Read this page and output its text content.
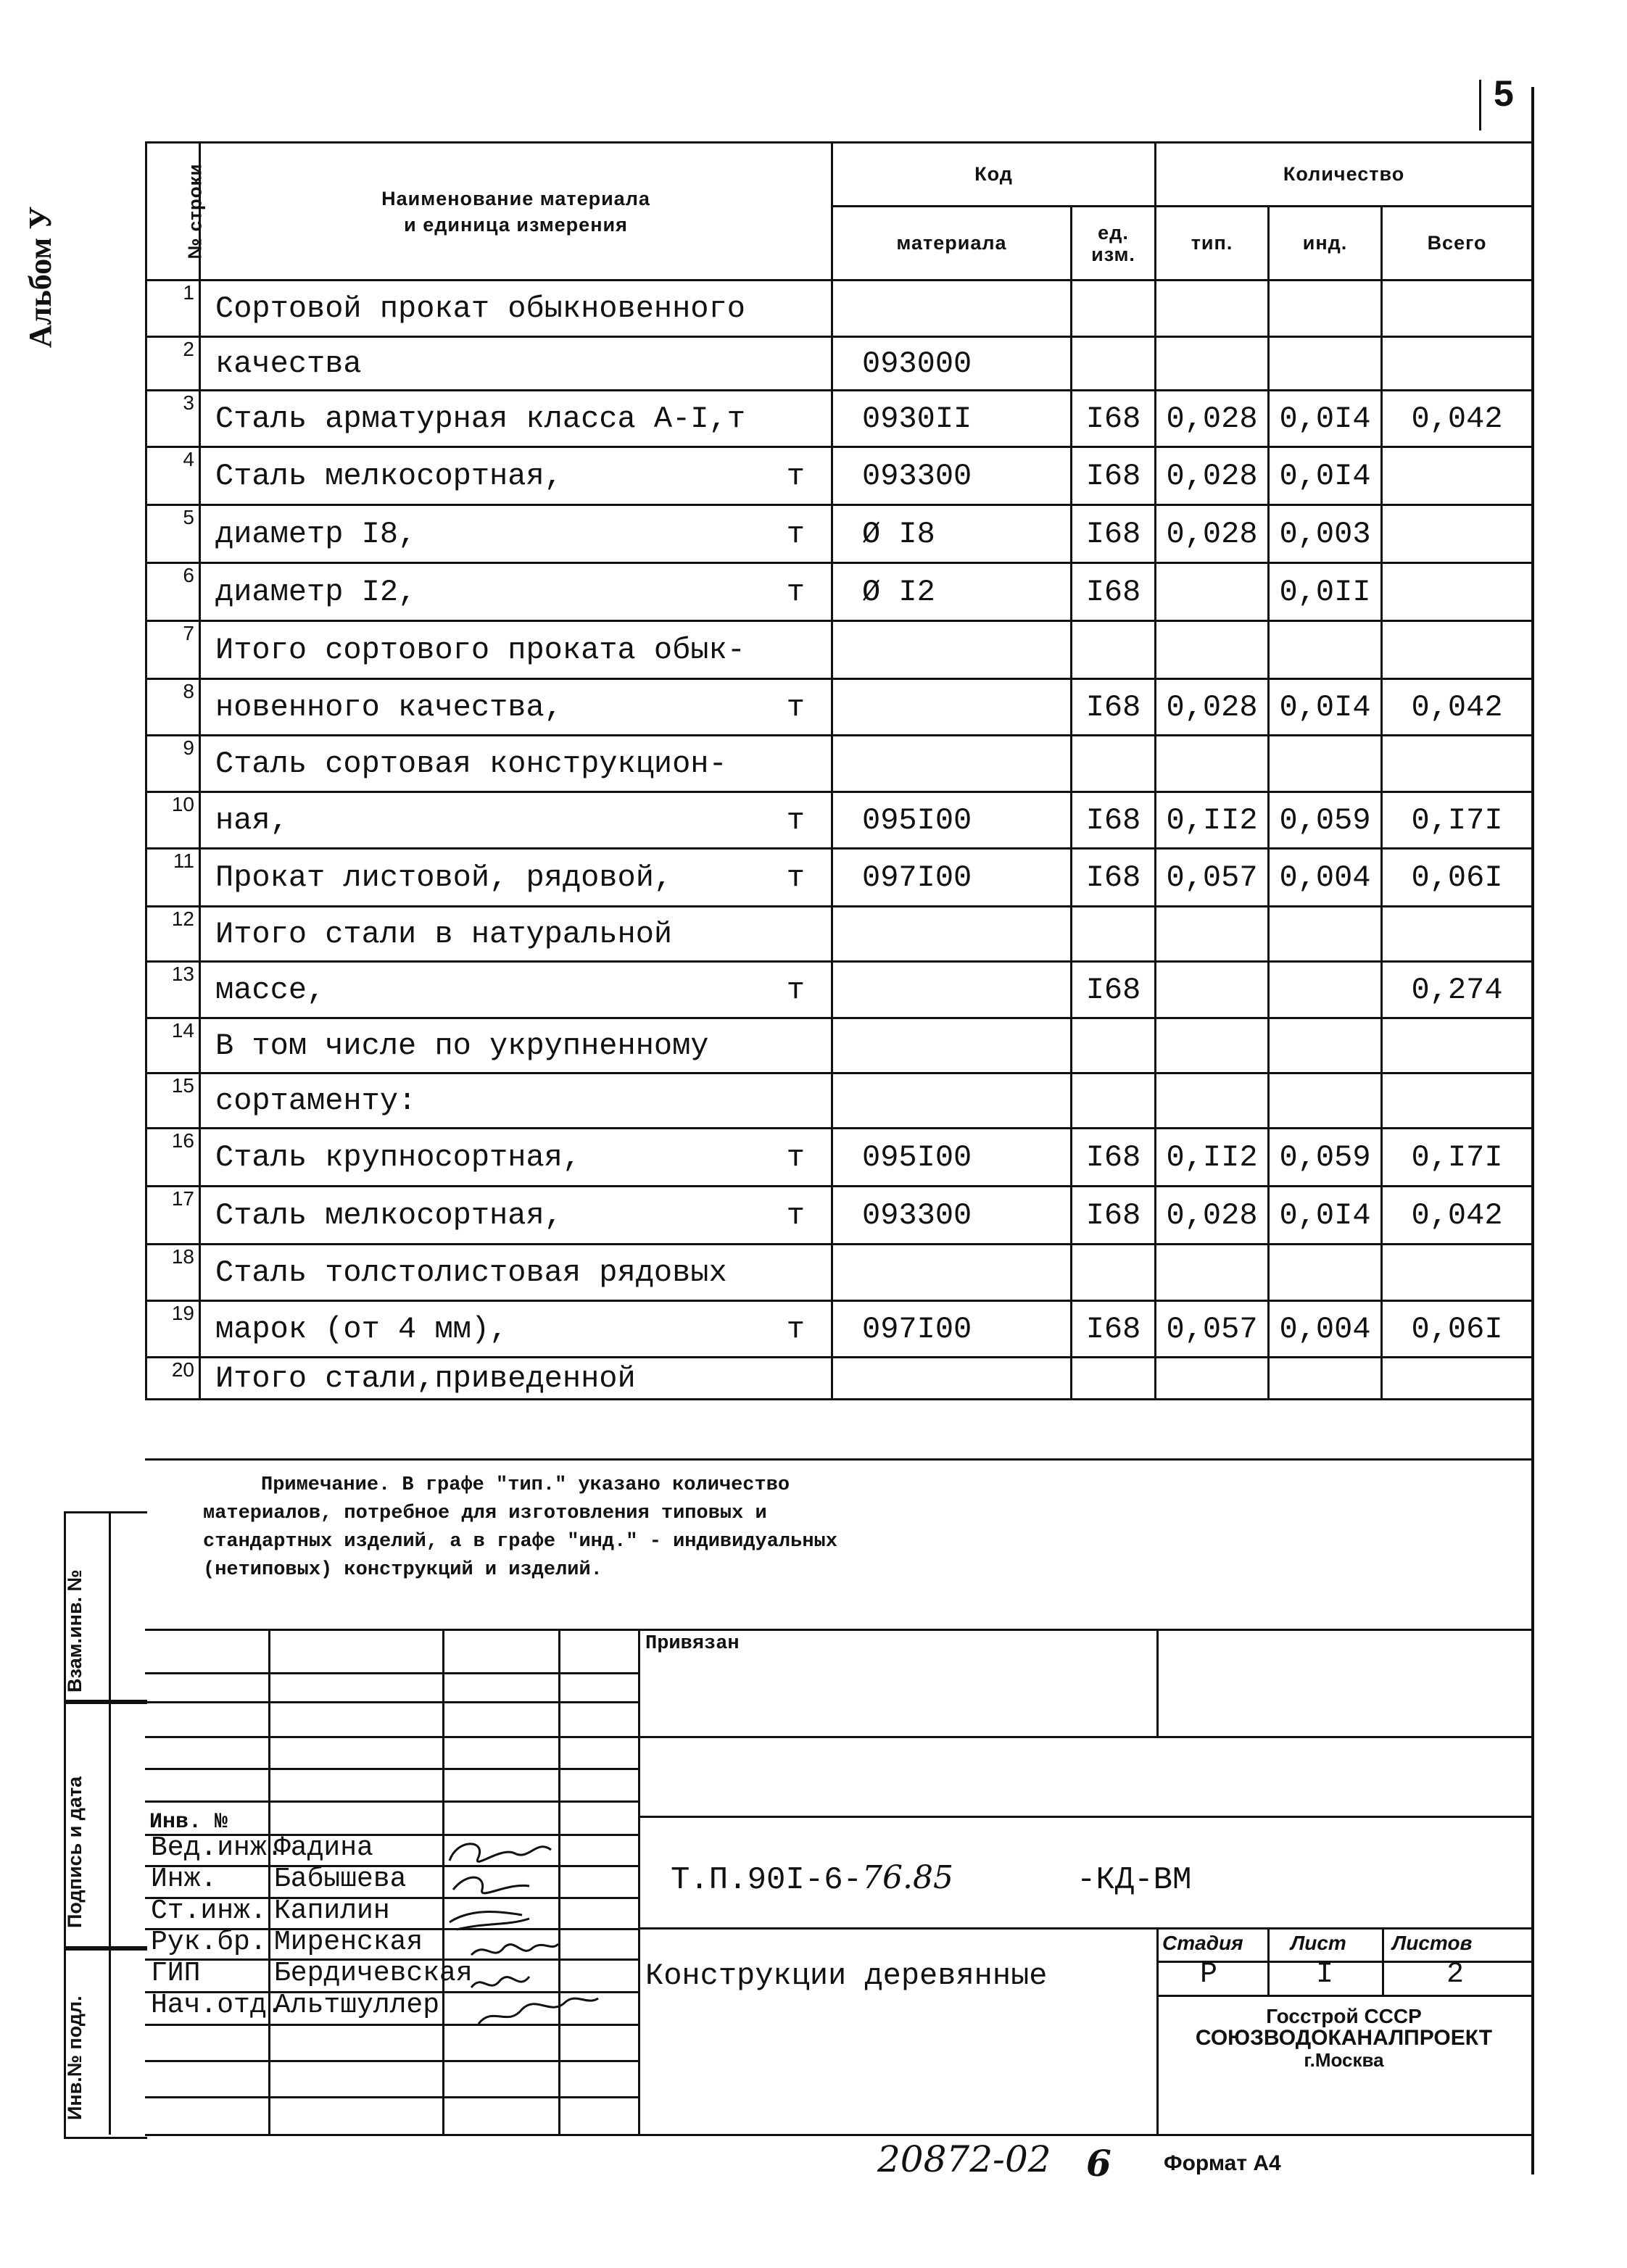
5
Альбом У	№ строки	Наименование материала
и единица измерения	Код		Количество		
		материала	ед.
изм.	тип.	инд.	Всего
1	Сортовой прокат обыкновенного

2	качества	093000				
3	Сталь арматурная класса А-I,т	0930II	I68	0,028	0,0I4	0,042
4	Сталь мелкосортная, т	093300	I68	0,028	0,0I4	
5	диаметр I8, т	Ø I8	I68	0,028	0,003	
6	диаметр I2, т	Ø I2	I68		0,0II	
7	Итого сортового проката обык-

8	новенного качества, т		I68	0,028	0,0I4	0,042
9	Сталь сортовая конструкцион-

10	ная, т	095I00	I68	0,II2	0,059	0,I7I
11	Прокат листовой, рядовой, т	097I00	I68	0,057	0,004	0,06I
12	Итого стали в натуральной

13	массе, т		I68			0,274
14	В том числе по укрупненному

15	сортаменту:

16	Сталь крупносортная, т	095I00	I68	0,II2	0,059	0,I7I
17	Сталь мелкосортная, т	093300	I68	0,028	0,0I4	0,042
18	Сталь толстолистовая рядовых

19	марок (от 4 мм), т	097I00	I68	0,057	0,004	0,06I
20	Итого стали,приведенной

Примечание. В графе "тип." указано количество

материалов, потребное для изготовления типовых и

стандартных изделий, а в графе "инд." - индивидуальных

(нетиповых) конструкций и изделий.

Взам.инв. №
Подпись и дата
Инв.№ подл.
Привязан
Инв. №
Вед.инж.
Фадина
Инж. Бабышева
Ст.инж. Капилин
Рук.бр. Миренская
ГИП	Бердичевская
Нач.отд.
Альтшуллер
Т.П.90I-6-76.85	-КД-ВМ
Конструкции деревянные
Стадия Лист Листов
Р	I	2
Госстрой СССР
СОЮЗВОДОКАНАЛПРОЕКТ
г.Москва
20872-02 6 Формат А4
